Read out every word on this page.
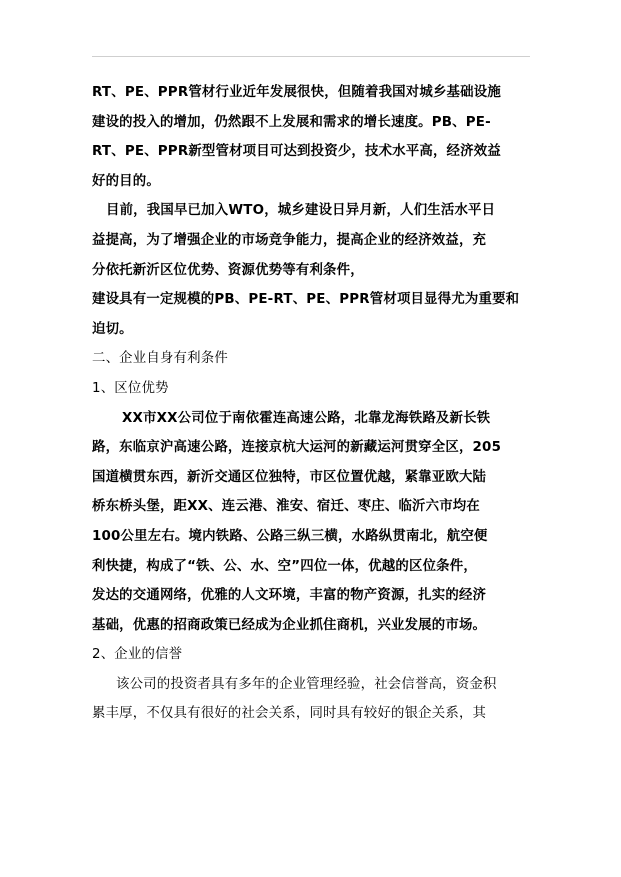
RT、PE、PPR管材行业近年发展很快，但随着我国对城乡基础设施
建设的投入的增加，仍然跟不上发展和需求的增长速度。PB、PE-
RT、PE、PPR新型管材项目可达到投资少，技术水平高，经济效益
好的目的。
目前，我国早已加入WTO，城乡建设日异月新，人们生活水平日
益提高，为了增强企业的市场竞争能力，提高企业的经济效益，充
分依托新沂区位优势、资源优势等有利条件，
建设具有一定规模的PB、PE-RT、PE、PPR管材项目显得尤为重要和
迫切。
二、企业自身有利条件
1、区位优势
XX市XX公司位于南依霍连高速公路，北靠龙海铁路及新长铁
路，东临京沪高速公路，连接京杭大运河的新藏运河贯穿全区，205
国道横贯东西，新沂交通区位独特，市区位置优越，紧靠亚欧大陆
桥东桥头堡，距XX、连云港、淮安、宿迁、枣庄、临沂六市均在
100公里左右。境内铁路、公路三纵三横，水路纵贯南北，航空便
利快捷，构成了“铁、公、水、空”四位一体，优越的区位条件，
发达的交通网络，优雅的人文环境，丰富的物产资源，扎实的经济
基础，优惠的招商政策已经成为企业抓住商机，兴业发展的市场。
2、企业的信誉
该公司的投资者具有多年的企业管理经验，社会信誉高，资金积
累丰厚，不仅具有很好的社会关系，同时具有较好的银企关系，其
